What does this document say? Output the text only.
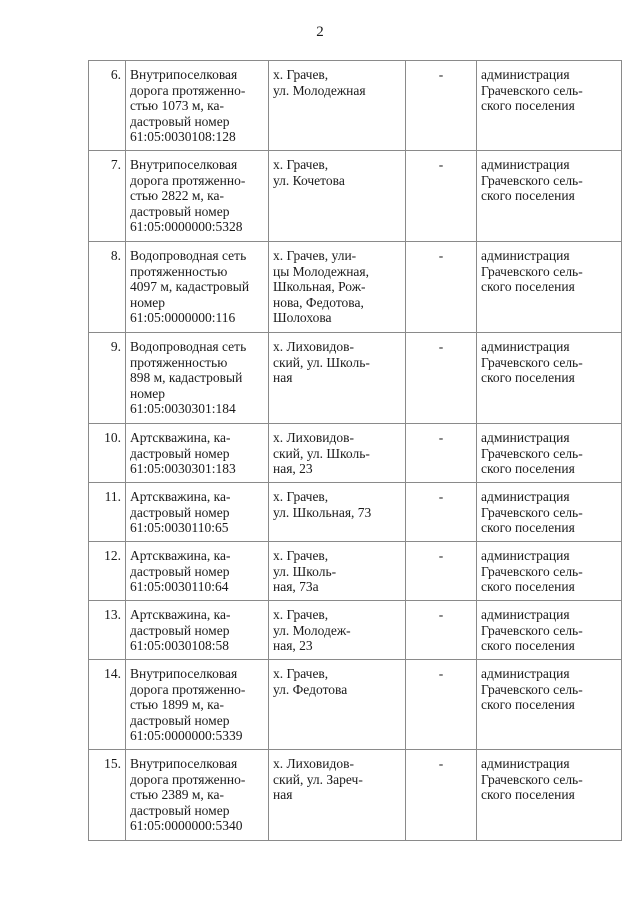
2
6.	Внутрипоселковая
дорога протяженно-
стью 1073 м, ка-
дастровый номер
61:05:0030108:128	х. Грачев,
ул. Молодежная	-	администрация
Грачевского сель-
ского поселения
7.	Внутрипоселковая
дорога протяженно-
стью 2822 м, ка-
дастровый номер
61:05:0000000:5328	х. Грачев,
ул. Кочетова	-	администрация
Грачевского сель-
ского поселения
8.	Водопроводная сеть
протяженностью
4097 м, кадастровый
номер
61:05:0000000:116	х. Грачев, ули-
цы Молодежная,
Школьная, Рож-
нова, Федотова,
Шолохова	-	администрация
Грачевского сель-
ского поселения
9.	Водопроводная сеть
протяженностью
898 м, кадастровый
номер
61:05:0030301:184	х. Лиховидов-
ский, ул. Школь-
ная	-	администрация
Грачевского сель-
ского поселения
10.	Артскважина, ка-
дастровый номер
61:05:0030301:183	х. Лиховидов-
ский, ул. Школь-
ная, 23	-	администрация
Грачевского сель-
ского поселения
11.	Артскважина, ка-
дастровый номер
61:05:0030110:65	х. Грачев,
ул. Школьная, 73	-	администрация
Грачевского сель-
ского поселения
12.	Артскважина, ка-
дастровый номер
61:05:0030110:64	х. Грачев,
ул. Школь-
ная, 73а	-	администрация
Грачевского сель-
ского поселения
13.	Артскважина, ка-
дастровый номер
61:05:0030108:58	х. Грачев,
ул. Молодеж-
ная, 23	-	администрация
Грачевского сель-
ского поселения
14.	Внутрипоселковая
дорога протяженно-
стью 1899 м, ка-
дастровый номер
61:05:0000000:5339	х. Грачев,
ул. Федотова	-	администрация
Грачевского сель-
ского поселения
15.	Внутрипоселковая
дорога протяженно-
стью 2389 м, ка-
дастровый номер
61:05:0000000:5340	х. Лиховидов-
ский, ул. Зареч-
ная	-	администрация
Грачевского сель-
ского поселения
